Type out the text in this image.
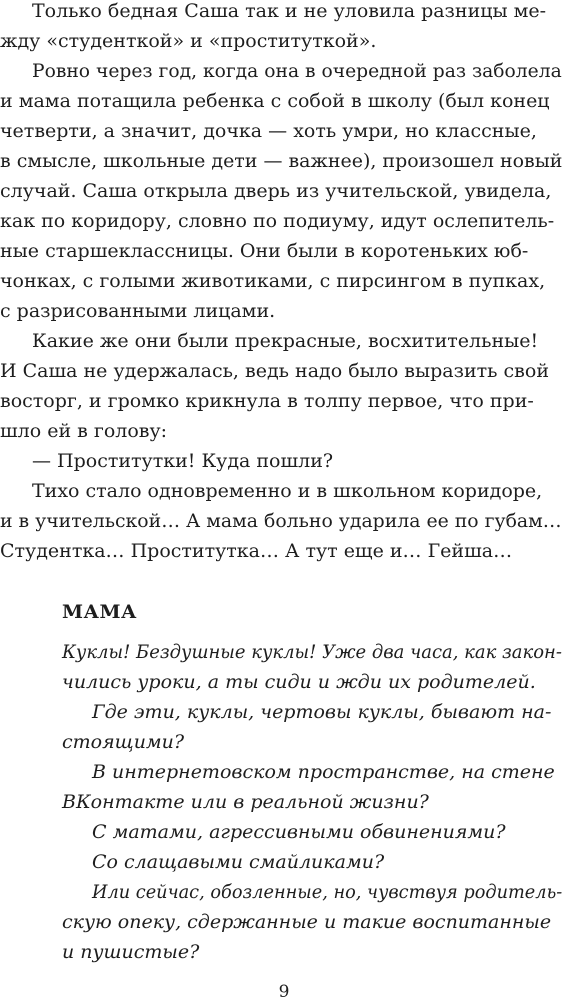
Только бедная Саша так и не уловила разницы ме-
жду «студенткой» и «проституткой».
Ровно через год, когда она в очередной раз заболела
и мама потащила ребенка с собой в школу (был конец
четверти, а значит, дочка — хоть умри, но классные,
в смысле, школьные дети — важнее), произошел новый
случай. Саша открыла дверь из учительской, увидела,
как по коридору, словно по подиуму, идут ослепитель-
ные старшеклассницы. Они были в коротеньких юб-
чонках, с голыми животиками, с пирсингом в пупках,
с разрисованными лицами.
Какие же они были прекрасные, восхитительные!
И Саша не удержалась, ведь надо было выразить свой
восторг, и громко крикнула в толпу первое, что при-
шло ей в голову:
— Проститутки! Куда пошли?
Тихо стало одновременно и в школьном коридоре,
и в учительской… А мама больно ударила ее по губам…
Студентка… Проститутка… А тут еще и… Гейша…
МАМА
Куклы! Бездушные куклы! Уже два часа, как закон-
чились уроки, а ты сиди и жди их родителей.
Где эти, куклы, чертовы куклы, бывают на-
стоящими?
В интернетовском пространстве, на стене
ВКонтакте или в реальной жизни?
С матами, агрессивными обвинениями?
Со слащавыми смайликами?
Или сейчас, обозленные, но, чувствуя родитель-
скую опеку, сдержанные и такие воспитанные
и пушистые?
9
